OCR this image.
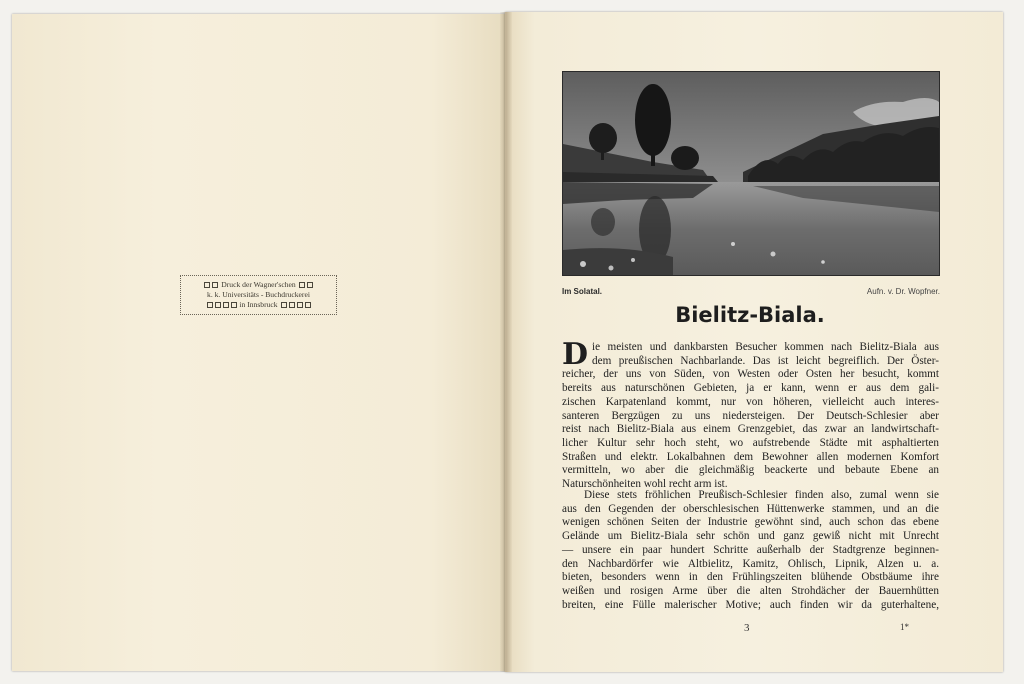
Druck der Wagner'schen
k. k. Universitäts - Buchdruckerei
in Innsbruck
Im Solatal.	Aufn. v. Dr. Wopfner.
Bielitz-Biala.
D ie meisten und dankbarsten Besucher kommen nach Bielitz-Biala aus
dem preußischen Nachbarlande. Das ist leicht begreiflich. Der Öster-
reicher, der uns von Süden, von Westen oder Osten her besucht, kommt
bereits aus naturschönen Gebieten, ja er kann, wenn er aus dem gali-
zischen Karpatenland kommt, nur von höheren, vielleicht auch interes-
santeren Bergzügen zu uns niedersteigen. Der Deutsch-Schlesier aber
reist nach Bielitz-Biala aus einem Grenzgebiet, das zwar an landwirtschaft-
licher Kultur sehr hoch steht, wo aufstrebende Städte mit asphaltierten
Straßen und elektr. Lokalbahnen dem Bewohner allen modernen Komfort
vermitteln, wo aber die gleichmäßig beackerte und bebaute Ebene an
Naturschönheiten wohl recht arm ist.
Diese stets fröhlichen Preußisch-Schlesier finden also, zumal wenn sie
aus den Gegenden der oberschlesischen Hüttenwerke stammen, und an die
wenigen schönen Seiten der Industrie gewöhnt sind, auch schon das ebene
Gelände um Bielitz-Biala sehr schön und ganz gewiß nicht mit Unrecht
— unsere ein paar hundert Schritte außerhalb der Stadtgrenze beginnen-
den Nachbardörfer wie Altbielitz, Kamitz, Ohlisch, Lipnik, Alzen u. a.
bieten, besonders wenn in den Frühlingszeiten blühende Obstbäume ihre
weißen und rosigen Arme über die alten Strohdächer der Bauernhütten
breiten, eine Fülle malerischer Motive; auch finden wir da guterhaltene,
3	1*
